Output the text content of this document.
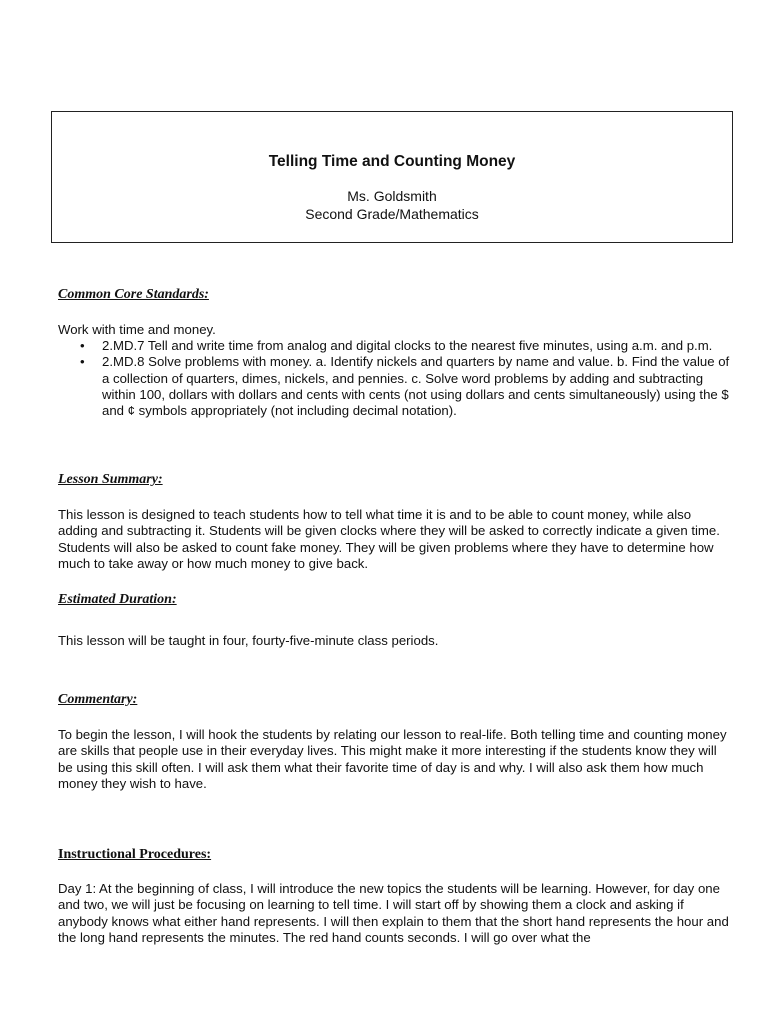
Telling Time and Counting Money
Ms. Goldsmith
Second Grade/Mathematics
Common Core Standards:

Work with time and money.

• 2.MD.7 Tell and write time from analog and digital clocks to the nearest five minutes, using a.m. and p.m.
• 2.MD.8 Solve problems with money. a. Identify nickels and quarters by name and value. b. Find the value of a collection of quarters, dimes, nickels, and pennies. c. Solve word problems by adding and subtracting within 100, dollars with dollars and cents with cents (not using dollars and cents simultaneously) using the $ and ¢ symbols appropriately (not including decimal notation).
Lesson Summary:

This lesson is designed to teach students how to tell what time it is and to be able to count money, while also adding and subtracting it. Students will be given clocks where they will be asked to correctly indicate a given time. Students will also be asked to count fake money. They will be given problems where they have to determine how much to take away or how much money to give back.

Estimated Duration:

This lesson will be taught in four, fourty-five-minute class periods.

Commentary:

To begin the lesson, I will hook the students by relating our lesson to real-life. Both telling time and counting money are skills that people use in their everyday lives. This might make it more interesting if the students know they will be using this skill often. I will ask them what their favorite time of day is and why. I will also ask them how much money they wish to have.

Instructional Procedures:

Day 1: At the beginning of class, I will introduce the new topics the students will be learning. However, for day one and two, we will just be focusing on learning to tell time. I will start off by showing them a clock and asking if anybody knows what either hand represents. I will then explain to them that the short hand represents the hour and the long hand represents the minutes. The red hand counts seconds. I will go over what the
